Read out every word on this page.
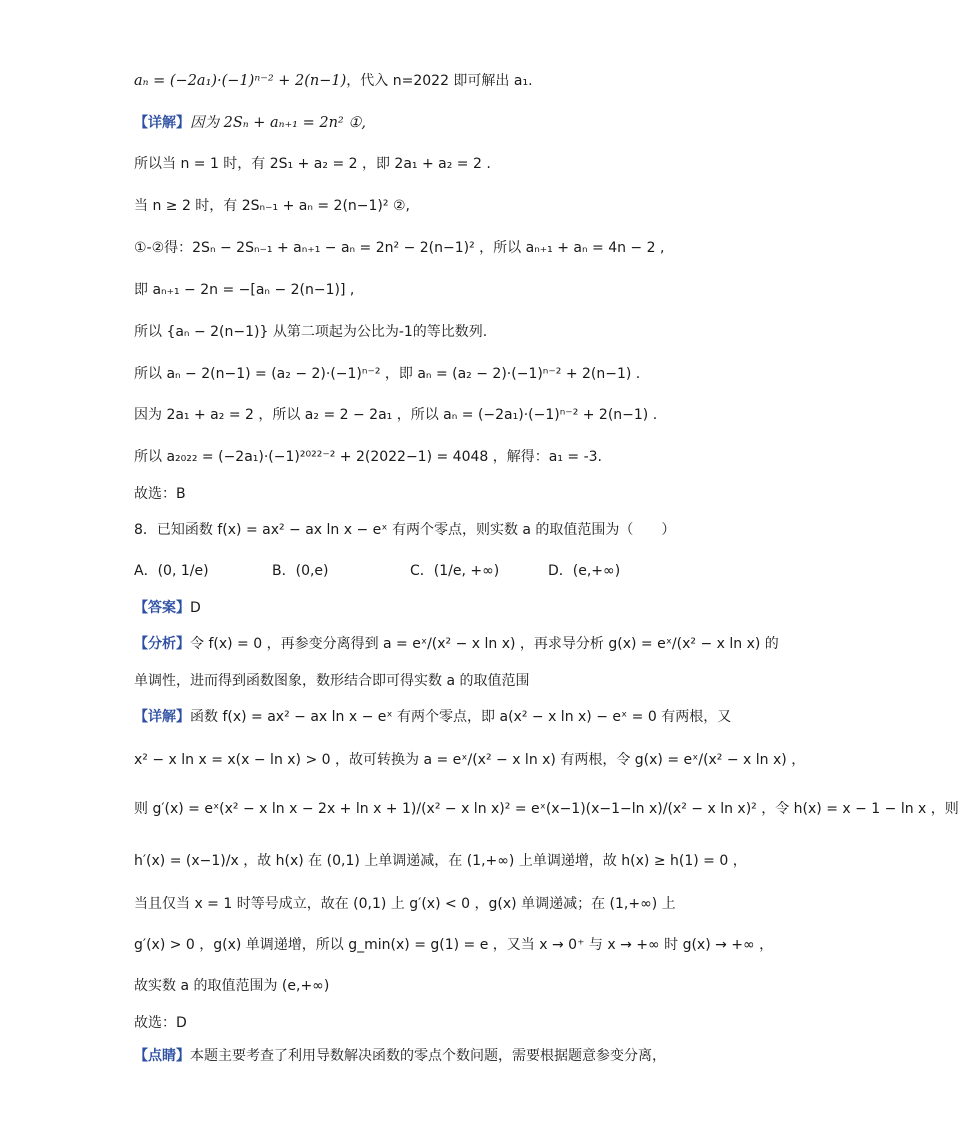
aₙ = (−2a₁)·(−1)ⁿ⁻² + 2(n−1)，代入 n=2022 即可解出 a₁.
【详解】因为 2Sₙ + aₙ₊₁ = 2n² ①,
所以当 n = 1 时，有 2S₁ + a₂ = 2 ，即 2a₁ + a₂ = 2 .
当 n ≥ 2 时，有 2Sₙ₋₁ + aₙ = 2(n−1)² ②,
①-②得：2Sₙ − 2Sₙ₋₁ + aₙ₊₁ − aₙ = 2n² − 2(n−1)² ，所以 aₙ₊₁ + aₙ = 4n − 2 ,
即 aₙ₊₁ − 2n = −[aₙ − 2(n−1)] ,
所以 {aₙ − 2(n−1)} 从第二项起为公比为-1的等比数列.
所以 aₙ − 2(n−1) = (a₂ − 2)·(−1)ⁿ⁻² ，即 aₙ = (a₂ − 2)·(−1)ⁿ⁻² + 2(n−1) .
因为 2a₁ + a₂ = 2 ，所以 a₂ = 2 − 2a₁ ，所以 aₙ = (−2a₁)·(−1)ⁿ⁻² + 2(n−1) .
所以 a₂₀₂₂ = (−2a₁)·(−1)²⁰²²⁻² + 2(2022−1) = 4048 ，解得：a₁ = -3.
故选：B
8．已知函数 f(x) = ax² − ax ln x − eˣ 有两个零点，则实数 a 的取值范围为（　　）
A．(0, 1/e)	B．(0,e)	C．(1/e, +∞)	D．(e,+∞)
【答案】D
【分析】令 f(x) = 0 ，再参变分离得到 a = eˣ/(x² − x ln x) ，再求导分析 g(x) = eˣ/(x² − x ln x) 的
单调性，进而得到函数图象，数形结合即可得实数 a 的取值范围
【详解】函数 f(x) = ax² − ax ln x − eˣ 有两个零点，即 a(x² − x ln x) − eˣ = 0 有两根，又
x² − x ln x = x(x − ln x) > 0 ，故可转换为 a = eˣ/(x² − x ln x) 有两根，令 g(x) = eˣ/(x² − x ln x) ，
则 g′(x) = eˣ(x² − x ln x − 2x + ln x + 1)/(x² − x ln x)² = eˣ(x−1)(x−1−ln x)/(x² − x ln x)² ，令 h(x) = x − 1 − ln x ，则
h′(x) = (x−1)/x ，故 h(x) 在 (0,1) 上单调递减，在 (1,+∞) 上单调递增，故 h(x) ≥ h(1) = 0 ，
当且仅当 x = 1 时等号成立，故在 (0,1) 上 g′(x) < 0 ，g(x) 单调递减；在 (1,+∞) 上
g′(x) > 0 ，g(x) 单调递增，所以 g_min(x) = g(1) = e ，又当 x → 0⁺ 与 x → +∞ 时 g(x) → +∞ ，
故实数 a 的取值范围为 (e,+∞)
故选：D
【点睛】本题主要考查了利用导数解决函数的零点个数问题，需要根据题意参变分离，
